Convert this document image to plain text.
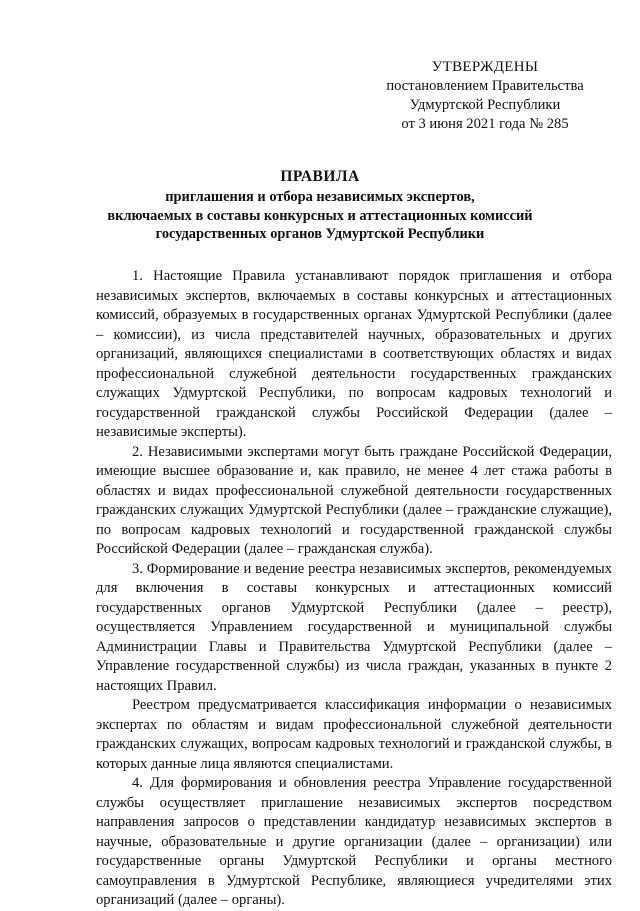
УТВЕРЖДЕНЫ
постановлением Правительства
Удмуртской Республики
от 3 июня 2021 года № 285
ПРАВИЛА
приглашения и отбора независимых экспертов,
включаемых в составы конкурсных и аттестационных комиссий
государственных органов Удмуртской Республики

1. Настоящие Правила устанавливают порядок приглашения и отбора независимых экспертов, включаемых в составы конкурсных и аттестационных комиссий, образуемых в государственных органах Удмуртской Республики (далее – комиссии), из числа представителей научных, образовательных и других организаций, являющихся специалистами в соответствующих областях и видах профессиональной служебной деятельности государственных гражданских служащих Удмуртской Республики, по вопросам кадровых технологий и государственной гражданской службы Российской Федерации (далее – независимые эксперты).

2. Независимыми экспертами могут быть граждане Российской Федерации, имеющие высшее образование и, как правило, не менее 4 лет стажа работы в областях и видах профессиональной служебной деятельности государственных гражданских служащих Удмуртской Республики (далее – гражданские служащие), по вопросам кадровых технологий и государственной гражданской службы Российской Федерации (далее – гражданская служба).

3. Формирование и ведение реестра независимых экспертов, рекомендуемых для включения в составы конкурсных и аттестационных комиссий государственных органов Удмуртской Республики (далее – реестр), осуществляется Управлением государственной и муниципальной службы Администрации Главы и Правительства Удмуртской Республики (далее – Управление государственной службы) из числа граждан, указанных в пункте 2 настоящих Правил.

Реестром предусматривается классификация информации о независимых экспертах по областям и видам профессиональной служебной деятельности гражданских служащих, вопросам кадровых технологий и гражданской службы, в которых данные лица являются специалистами.

4. Для формирования и обновления реестра Управление государственной службы осуществляет приглашение независимых экспертов посредством направления запросов о представлении кандидатур независимых экспертов в научные, образовательные и другие организации (далее – организации) или государственные органы Удмуртской Республики и органы местного самоуправления в Удмуртской Республике, являющиеся учредителями этих организаций (далее – органы).
